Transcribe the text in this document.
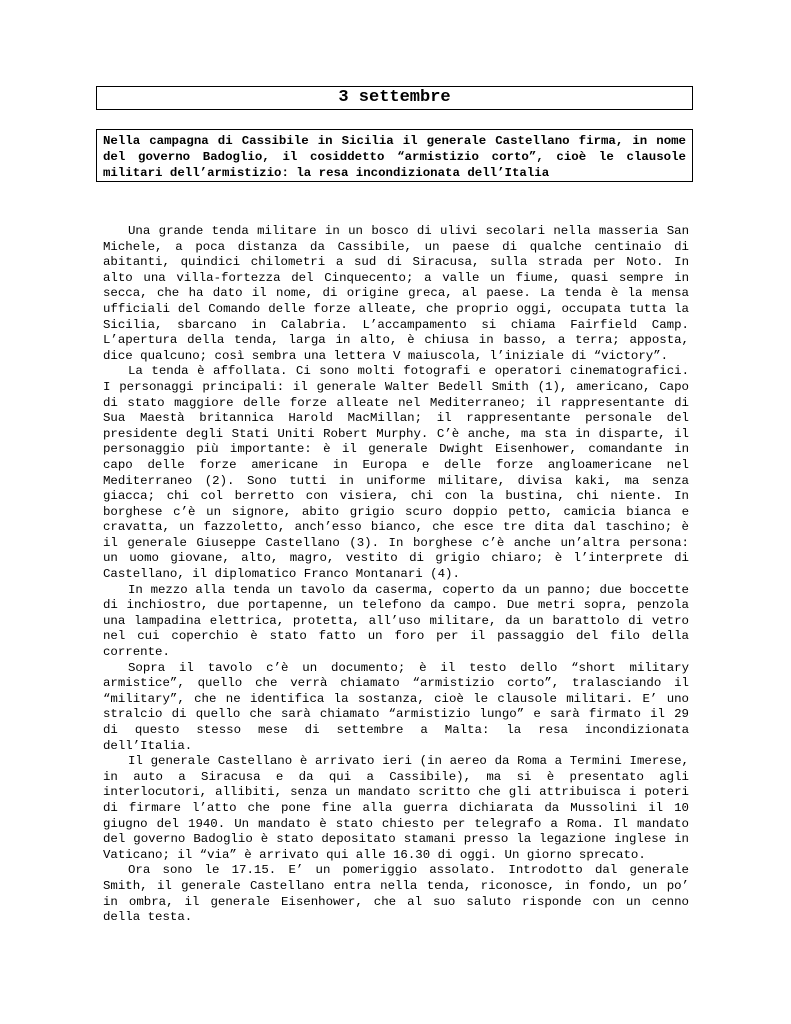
3 settembre

Nella campagna di Cassibile in Sicilia il generale Castellano firma, in nome del governo Badoglio, il cosiddetto “armistizio corto”, cioè le clausole militari dell’armistizio: la resa incondizionata dell’Italia

Una grande tenda militare in un bosco di ulivi secolari nella masseria San Michele, a poca distanza da Cassibile, un paese di qualche centinaio di abitanti, quindici chilometri a sud di Siracusa, sulla strada per Noto. In alto una villa-fortezza del Cinquecento; a valle un fiume, quasi sempre in secca, che ha dato il nome, di origine greca, al paese. La tenda è la mensa ufficiali del Comando delle forze alleate, che proprio oggi, occupata tutta la Sicilia, sbarcano in Calabria. L’accampamento si chiama Fairfield Camp. L’apertura della tenda, larga in alto, è chiusa in basso, a terra; apposta, dice qualcuno; così sembra una lettera V maiuscola, l’iniziale di “victory”.

La tenda è affollata. Ci sono molti fotografi e operatori cinematografici. I personaggi principali: il generale Walter Bedell Smith (1), americano, Capo di stato maggiore delle forze alleate nel Mediterraneo; il rappresentante di Sua Maestà britannica Harold MacMillan; il rappresentante personale del presidente degli Stati Uniti Robert Murphy. C’è anche, ma sta in disparte, il personaggio più importante: è il generale Dwight Eisenhower, comandante in capo delle forze americane in Europa e delle forze angloamericane nel Mediterraneo (2). Sono tutti in uniforme militare, divisa kaki, ma senza giacca; chi col berretto con visiera, chi con la bustina, chi niente. In borghese c’è un signore, abito grigio scuro doppio petto, camicia bianca e cravatta, un fazzoletto, anch’esso bianco, che esce tre dita dal taschino; è il generale Giuseppe Castellano (3). In borghese c’è anche un’altra persona: un uomo giovane, alto, magro, vestito di grigio chiaro; è l’interprete di Castellano, il diplomatico Franco Montanari (4).

In mezzo alla tenda un tavolo da caserma, coperto da un panno; due boccette di inchiostro, due portapenne, un telefono da campo. Due metri sopra, penzola una lampadina elettrica, protetta, all’uso militare, da un barattolo di vetro nel cui coperchio è stato fatto un foro per il passaggio del filo della corrente.

Sopra il tavolo c’è un documento; è il testo dello “short military armistice”, quello che verrà chiamato “armistizio corto”, tralasciando il “military”, che ne identifica la sostanza, cioè le clausole militari. E’ uno stralcio di quello che sarà chiamato “armistizio lungo” e sarà firmato il 29 di questo stesso mese di settembre a Malta: la resa incondizionata dell’Italia.

Il generale Castellano è arrivato ieri (in aereo da Roma a Termini Imerese, in auto a Siracusa e da qui a Cassibile), ma si è presentato agli interlocutori, allibiti, senza un mandato scritto che gli attribuisca i poteri di firmare l’atto che pone fine alla guerra dichiarata da Mussolini il 10 giugno del 1940. Un mandato è stato chiesto per telegrafo a Roma. Il mandato del governo Badoglio è stato depositato stamani presso la legazione inglese in Vaticano; il “via” è arrivato qui alle 16.30 di oggi. Un giorno sprecato.

Ora sono le 17.15. E’ un pomeriggio assolato. Introdotto dal generale Smith, il generale Castellano entra nella tenda, riconosce, in fondo, un po’ in ombra, il generale Eisenhower, che al suo saluto risponde con un cenno della testa.
